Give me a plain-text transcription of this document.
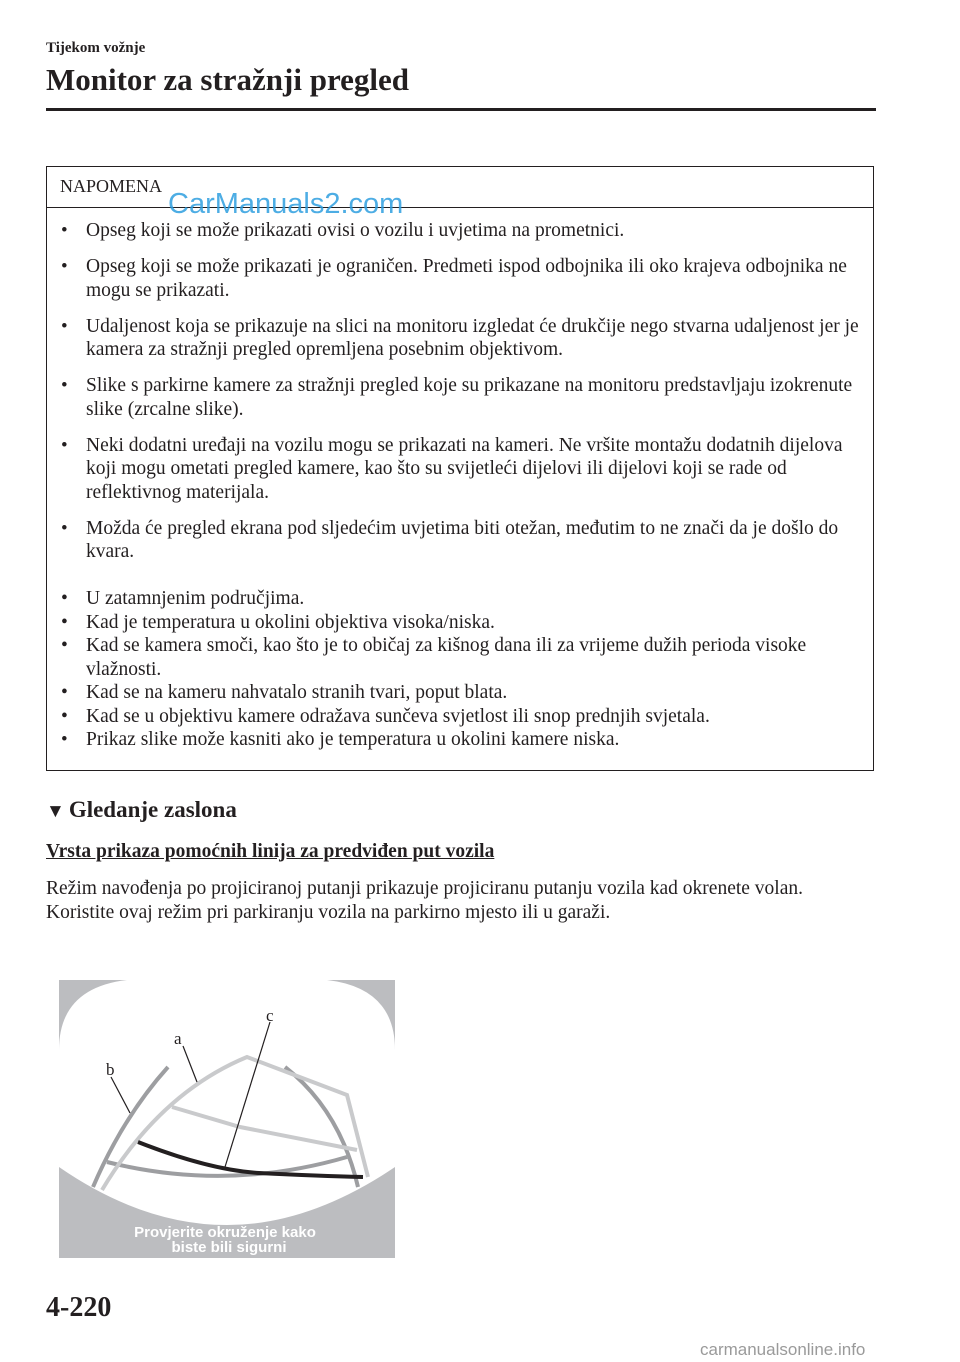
Tijekom vožnje
Monitor za stražnji pregled
NAPOMENA
• Opseg koji se može prikazati ovisi o vozilu i uvjetima na prometnici.
• Opseg koji se može prikazati je ograničen. Predmeti ispod odbojnika ili oko krajeva odbojnika ne mogu se prikazati.
• Udaljenost koja se prikazuje na slici na monitoru izgledat će drukčije nego stvarna udaljenost jer je kamera za stražnji pregled opremljena posebnim objektivom.
• Slike s parkirne kamere za stražnji pregled koje su prikazane na monitoru predstavljaju izokrenute slike (zrcalne slike).
• Neki dodatni uređaji na vozilu mogu se prikazati na kameri. Ne vršite montažu dodatnih dijelova koji mogu ometati pregled kamere, kao što su svijetleći dijelovi ili dijelovi koji se rade od reflektivnog materijala.
• Možda će pregled ekrana pod sljedećim uvjetima biti otežan, međutim to ne znači da je došlo do kvara.
• U zatamnjenim područjima.
• Kad je temperatura u okolini objektiva visoka/niska.
• Kad se kamera smoči, kao što je to običaj za kišnog dana ili za vrijeme dužih perioda visoke vlažnosti.
• Kad se na kameru nahvatalo stranih tvari, poput blata.
• Kad se u objektivu kamere odražava sunčeva svjetlost ili snop prednjih svjetala.
• Prikaz slike može kasniti ako je temperatura u okolini kamere niska.
CarManuals2.com
▼ Gledanje zaslona
Vrsta prikaza pomoćnih linija za predviđen put vozila
Režim navođenja po projiciranoj putanji prikazuje projiciranu putanju vozila kad okrenete volan.
Koristite ovaj režim pri parkiranju vozila na parkirno mjesto ili u garaži.
b
a
c
Provjerite okruženje kako
biste bili sigurni
4-220
carmanualsonline.info
